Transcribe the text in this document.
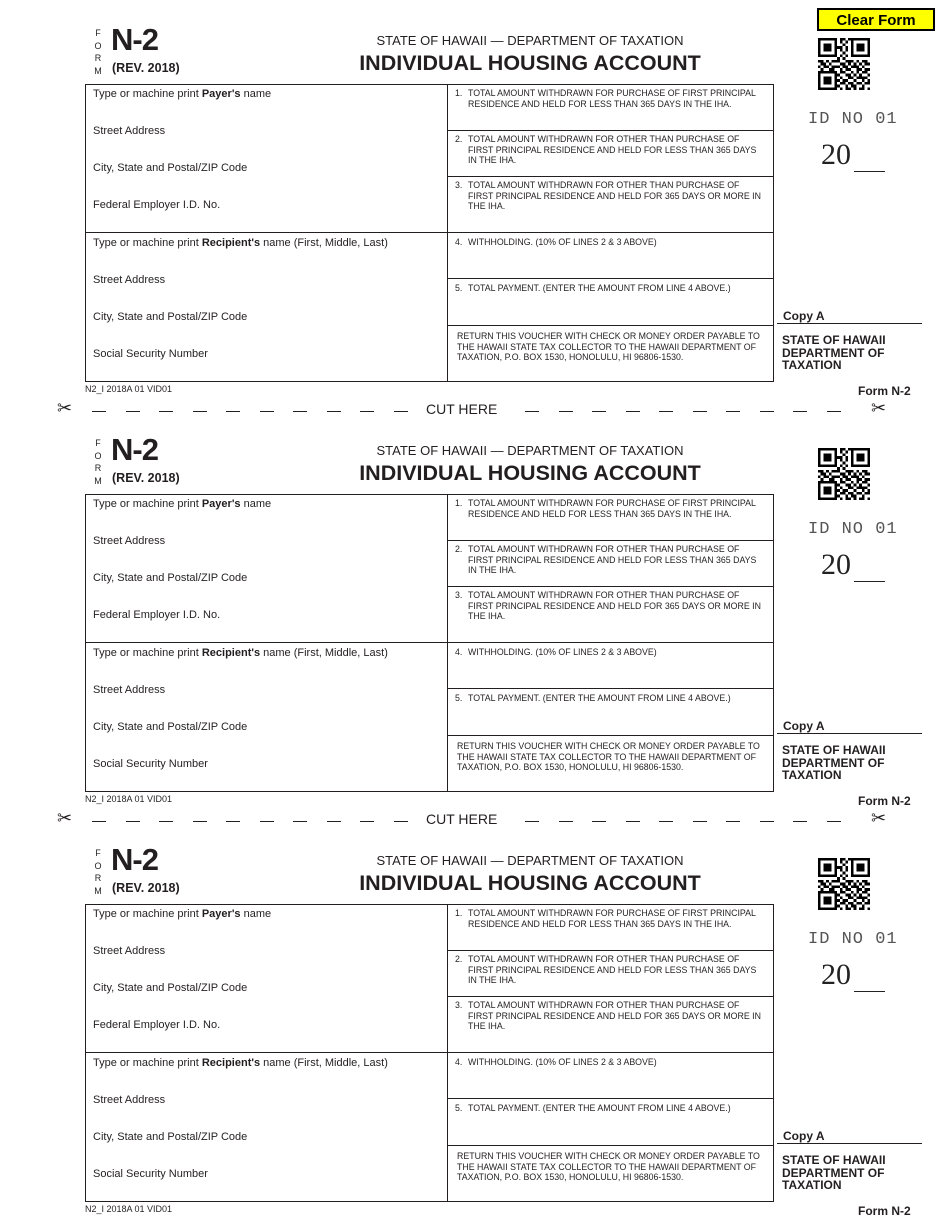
Clear Form
F
O
R
M
N-2
(REV. 2018)
STATE OF HAWAII — DEPARTMENT OF TAXATION
INDIVIDUAL HOUSING ACCOUNT
ID NO 01
20
Type or machine print Payer's name
Street Address
City, State and Postal/ZIP Code
Federal Employer I.D. No.
Type or machine print Recipient's name (First, Middle, Last)
Street Address
City, State and Postal/ZIP Code
Social Security Number
1. TOTAL AMOUNT WITHDRAWN FOR PURCHASE OF FIRST PRINCIPAL RESIDENCE AND HELD FOR LESS THAN 365 DAYS IN THE IHA.
2. TOTAL AMOUNT WITHDRAWN FOR OTHER THAN PURCHASE OF FIRST PRINCIPAL RESIDENCE AND HELD FOR LESS THAN 365 DAYS IN THE IHA.
3. TOTAL AMOUNT WITHDRAWN FOR OTHER THAN PURCHASE OF FIRST PRINCIPAL RESIDENCE AND HELD FOR 365 DAYS OR MORE IN THE IHA.
4. WITHHOLDING. (10% OF LINES 2 & 3 ABOVE)
5. TOTAL PAYMENT. (ENTER THE AMOUNT FROM LINE 4 ABOVE.)
RETURN THIS VOUCHER WITH CHECK OR MONEY ORDER PAYABLE TO THE HAWAII STATE TAX COLLECTOR TO THE HAWAII DEPARTMENT OF TAXATION, P.O. BOX 1530, HONOLULU, HI 96806-1530.
Copy A
STATE OF HAWAII
DEPARTMENT OF
TAXATION
N2_I 2018A 01 VID01	Form N-2
F
O
R
M
N-2
(REV. 2018)
STATE OF HAWAII — DEPARTMENT OF TAXATION
INDIVIDUAL HOUSING ACCOUNT
ID NO 01
20
Type or machine print Payer's name
Street Address
City, State and Postal/ZIP Code
Federal Employer I.D. No.
Type or machine print Recipient's name (First, Middle, Last)
Street Address
City, State and Postal/ZIP Code
Social Security Number
1. TOTAL AMOUNT WITHDRAWN FOR PURCHASE OF FIRST PRINCIPAL RESIDENCE AND HELD FOR LESS THAN 365 DAYS IN THE IHA.
2. TOTAL AMOUNT WITHDRAWN FOR OTHER THAN PURCHASE OF FIRST PRINCIPAL RESIDENCE AND HELD FOR LESS THAN 365 DAYS IN THE IHA.
3. TOTAL AMOUNT WITHDRAWN FOR OTHER THAN PURCHASE OF FIRST PRINCIPAL RESIDENCE AND HELD FOR 365 DAYS OR MORE IN THE IHA.
4. WITHHOLDING. (10% OF LINES 2 & 3 ABOVE)
5. TOTAL PAYMENT. (ENTER THE AMOUNT FROM LINE 4 ABOVE.)
RETURN THIS VOUCHER WITH CHECK OR MONEY ORDER PAYABLE TO THE HAWAII STATE TAX COLLECTOR TO THE HAWAII DEPARTMENT OF TAXATION, P.O. BOX 1530, HONOLULU, HI 96806-1530.
Copy A
STATE OF HAWAII
DEPARTMENT OF
TAXATION
N2_I 2018A 01 VID01	Form N-2
F
O
R
M
N-2
(REV. 2018)
STATE OF HAWAII — DEPARTMENT OF TAXATION
INDIVIDUAL HOUSING ACCOUNT
ID NO 01
20
Type or machine print Payer's name
Street Address
City, State and Postal/ZIP Code
Federal Employer I.D. No.
Type or machine print Recipient's name (First, Middle, Last)
Street Address
City, State and Postal/ZIP Code
Social Security Number
1. TOTAL AMOUNT WITHDRAWN FOR PURCHASE OF FIRST PRINCIPAL RESIDENCE AND HELD FOR LESS THAN 365 DAYS IN THE IHA.
2. TOTAL AMOUNT WITHDRAWN FOR OTHER THAN PURCHASE OF FIRST PRINCIPAL RESIDENCE AND HELD FOR LESS THAN 365 DAYS IN THE IHA.
3. TOTAL AMOUNT WITHDRAWN FOR OTHER THAN PURCHASE OF FIRST PRINCIPAL RESIDENCE AND HELD FOR 365 DAYS OR MORE IN THE IHA.
4. WITHHOLDING. (10% OF LINES 2 & 3 ABOVE)
5. TOTAL PAYMENT. (ENTER THE AMOUNT FROM LINE 4 ABOVE.)
RETURN THIS VOUCHER WITH CHECK OR MONEY ORDER PAYABLE TO THE HAWAII STATE TAX COLLECTOR TO THE HAWAII DEPARTMENT OF TAXATION, P.O. BOX 1530, HONOLULU, HI 96806-1530.
Copy A
STATE OF HAWAII
DEPARTMENT OF
TAXATION
N2_I 2018A 01 VID01	Form N-2
✂	CUT HERE	✂
✂	CUT HERE	✂
